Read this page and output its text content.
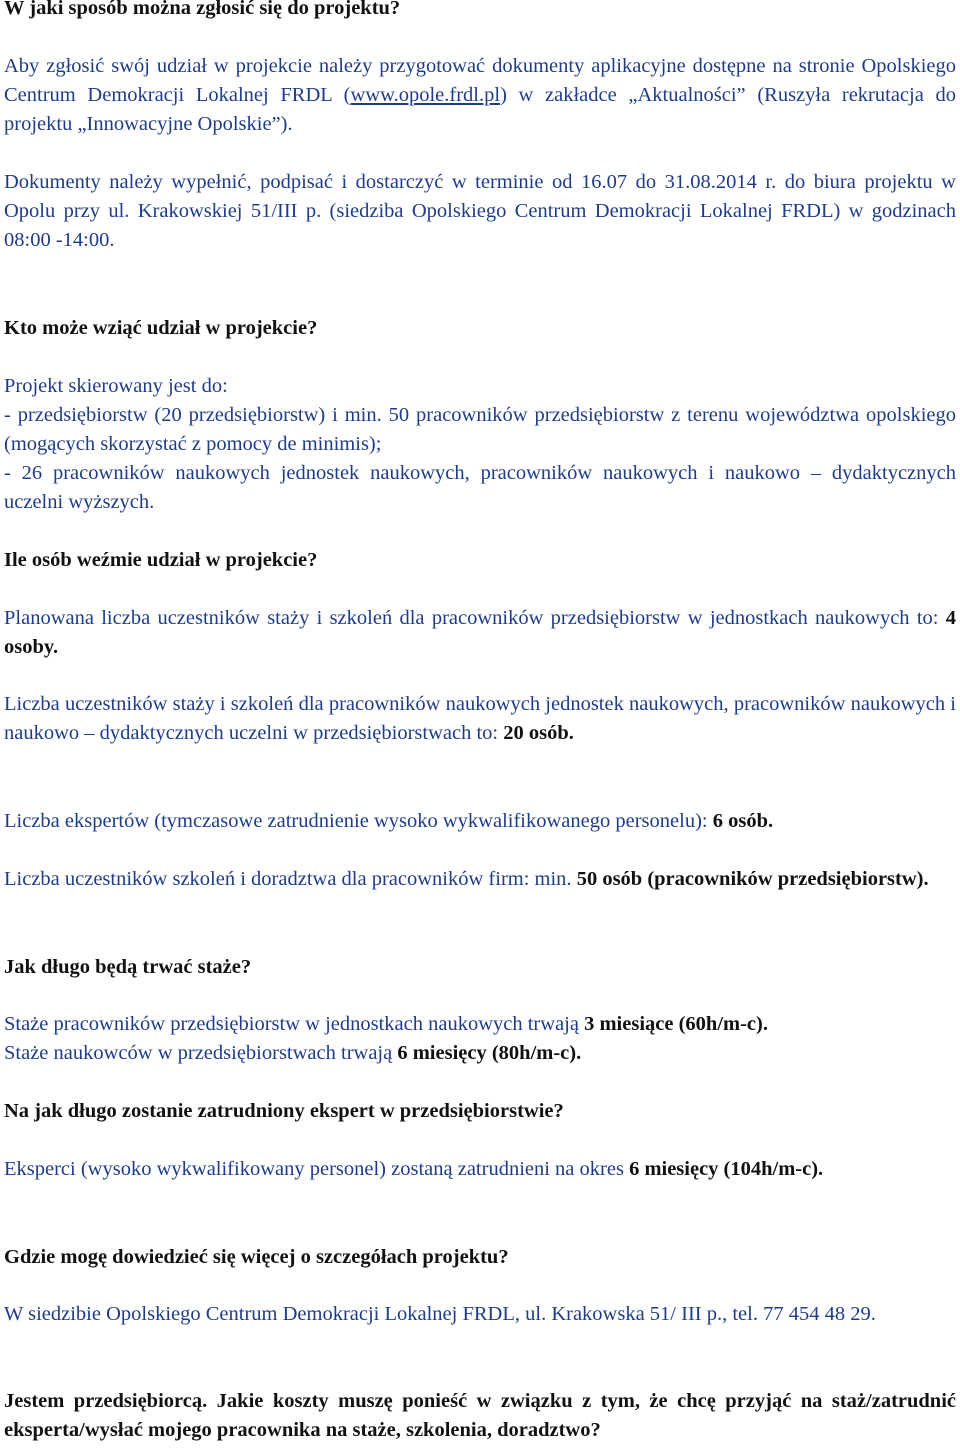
W jaki sposób można zgłosić się do projektu?

Aby zgłosić swój udział w projekcie należy przygotować dokumenty aplikacyjne dostępne na stronie Opolskiego Centrum Demokracji Lokalnej FRDL (www.opole.frdl.pl) w zakładce „Aktualności” (Ruszyła rekrutacja do projektu „Innowacyjne Opolskie”).

Dokumenty należy wypełnić, podpisać i dostarczyć w terminie od 16.07 do 31.08.2014 r. do biura projektu w Opolu przy ul. Krakowskiej 51/III p. (siedziba Opolskiego Centrum Demokracji Lokalnej FRDL) w godzinach 08:00 -14:00.

Kto może wziąć udział w projekcie?

Projekt skierowany jest do:

- przedsiębiorstw (20 przedsiębiorstw) i min. 50 pracowników przedsiębiorstw z terenu województwa opolskiego (mogących skorzystać z pomocy de minimis);

- 26 pracowników naukowych jednostek naukowych, pracowników naukowych i naukowo – dydaktycznych uczelni wyższych.

Ile osób weźmie udział w projekcie?

Planowana liczba uczestników staży i szkoleń dla pracowników przedsiębiorstw w jednostkach naukowych to: 4 osoby.

Liczba uczestników staży i szkoleń dla pracowników naukowych jednostek naukowych, pracowników naukowych i naukowo – dydaktycznych uczelni w przedsiębiorstwach to: 20 osób.

Liczba ekspertów (tymczasowe zatrudnienie wysoko wykwalifikowanego personelu): 6 osób.

Liczba uczestników szkoleń i doradztwa dla pracowników firm: min. 50 osób (pracowników przedsiębiorstw).

Jak długo będą trwać staże?

Staże pracowników przedsiębiorstw w jednostkach naukowych trwają 3 miesiące (60h/m-c).

Staże naukowców w przedsiębiorstwach trwają 6 miesięcy (80h/m-c).

Na jak długo zostanie zatrudniony ekspert w przedsiębiorstwie?

Eksperci (wysoko wykwalifikowany personel) zostaną zatrudnieni na okres 6 miesięcy (104h/m-c).

Gdzie mogę dowiedzieć się więcej o szczegółach projektu?

W siedzibie Opolskiego Centrum Demokracji Lokalnej FRDL, ul. Krakowska 51/ III p., tel. 77 454 48 29.

Jestem przedsiębiorcą. Jakie koszty muszę ponieść w związku z tym, że chcę przyjąć na staż/zatrudnić eksperta/wysłać mojego pracownika na staże, szkolenia, doradztwo?
